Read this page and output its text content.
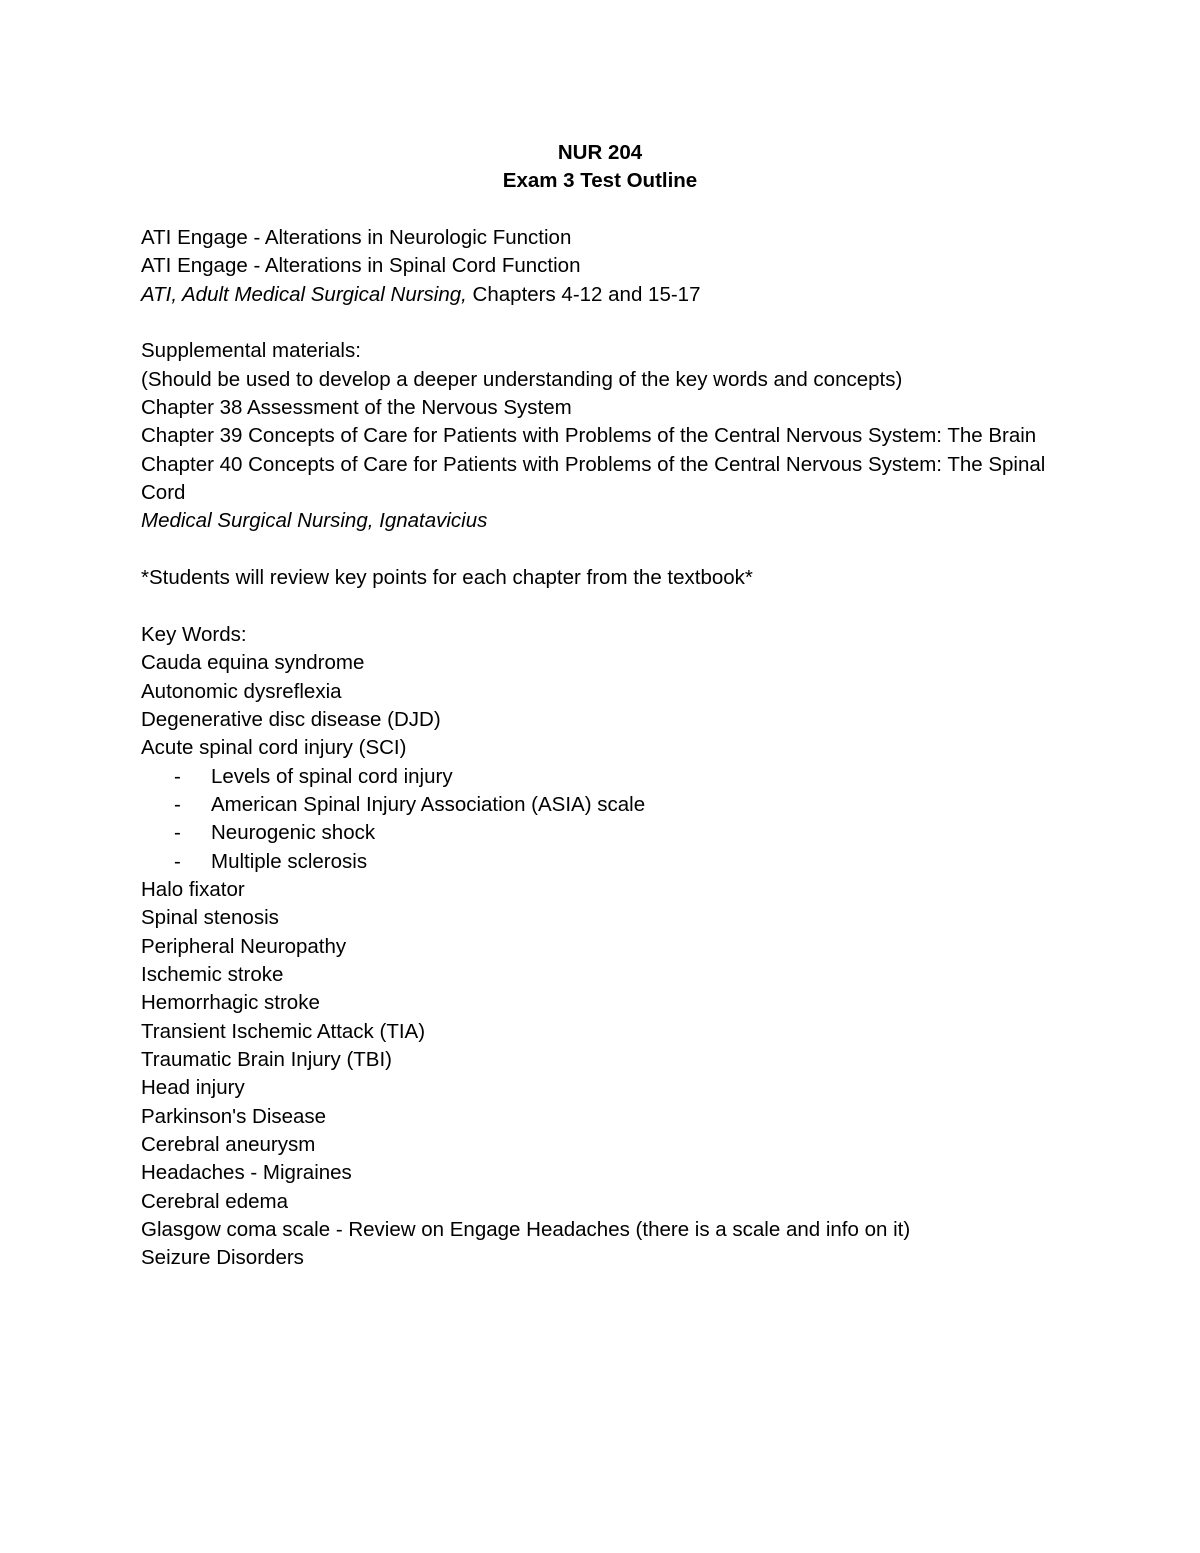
NUR 204
Exam 3 Test Outline
ATI Engage - Alterations in Neurologic Function
ATI Engage - Alterations in Spinal Cord Function
ATI, Adult Medical Surgical Nursing, Chapters 4-12 and 15-17
Supplemental materials:
(Should be used to develop a deeper understanding of the key words and concepts)
Chapter 38 Assessment of the Nervous System
Chapter 39 Concepts of Care for Patients with Problems of the Central Nervous System: The Brain
Chapter 40 Concepts of Care for Patients with Problems of the Central Nervous System: The Spinal Cord
Medical Surgical Nursing, Ignatavicius
*Students will review key points for each chapter from the textbook*
Key Words:
Cauda equina syndrome
Autonomic dysreflexia
Degenerative disc disease (DJD)
Acute spinal cord injury (SCI)
-	Levels of spinal cord injury
-	American Spinal Injury Association (ASIA) scale
-	Neurogenic shock
-	Multiple sclerosis
Halo fixator
Spinal stenosis
Peripheral Neuropathy
Ischemic stroke
Hemorrhagic stroke
Transient Ischemic Attack (TIA)
Traumatic Brain Injury (TBI)
Head injury
Parkinson's Disease
Cerebral aneurysm
Headaches - Migraines
Cerebral edema
Glasgow coma scale - Review on Engage Headaches (there is a scale and info on it)
Seizure Disorders
